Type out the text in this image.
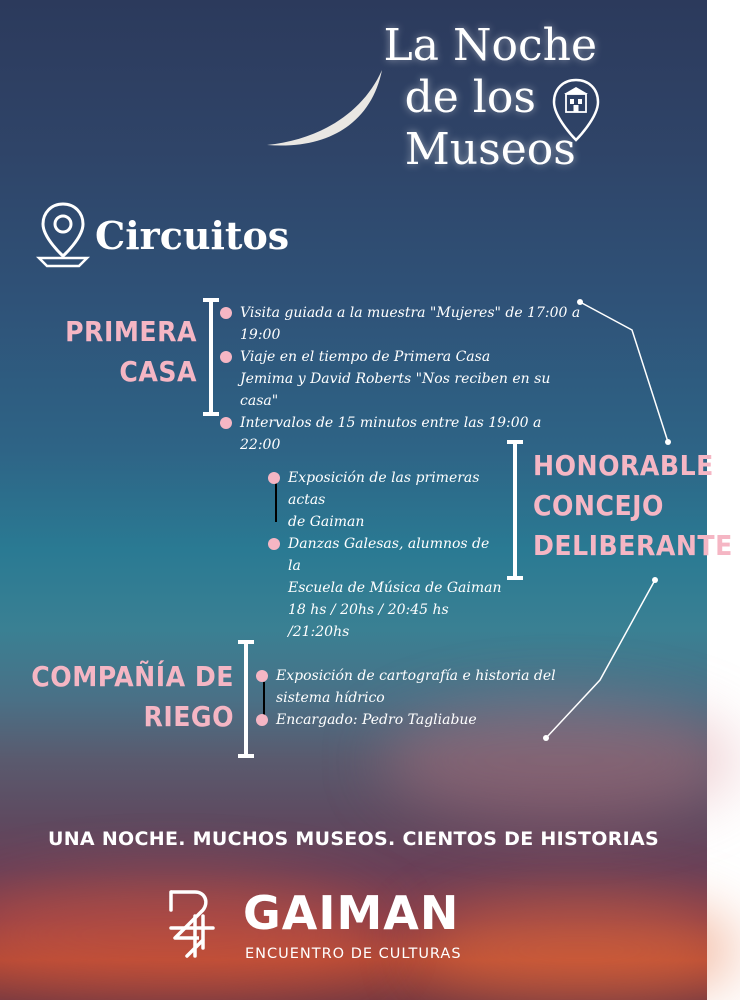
La Noche
de los
Museos
Circuitos
PRIMERA
CASA
Visita guiada a la muestra "Mujeres" de 17:00 a
19:00
Viaje en el tiempo de Primera Casa
Jemima y David Roberts "Nos reciben en su casa"
Intervalos de 15 minutos entre las 19:00 a 22:00
Exposición de las primeras actas
de Gaiman
Danzas Galesas, alumnos de la
Escuela de Música de Gaiman
18 hs / 20hs / 20:45 hs
/21:20hs
HONORABLE
CONCEJO
DELIBERANTE
COMPAÑÍA DE
RIEGO
Exposición de cartografía e historia del
sistema hídrico
Encargado: Pedro Tagliabue
UNA NOCHE. MUCHOS MUSEOS. CIENTOS DE HISTORIAS
GAIMAN
ENCUENTRO DE CULTURAS
